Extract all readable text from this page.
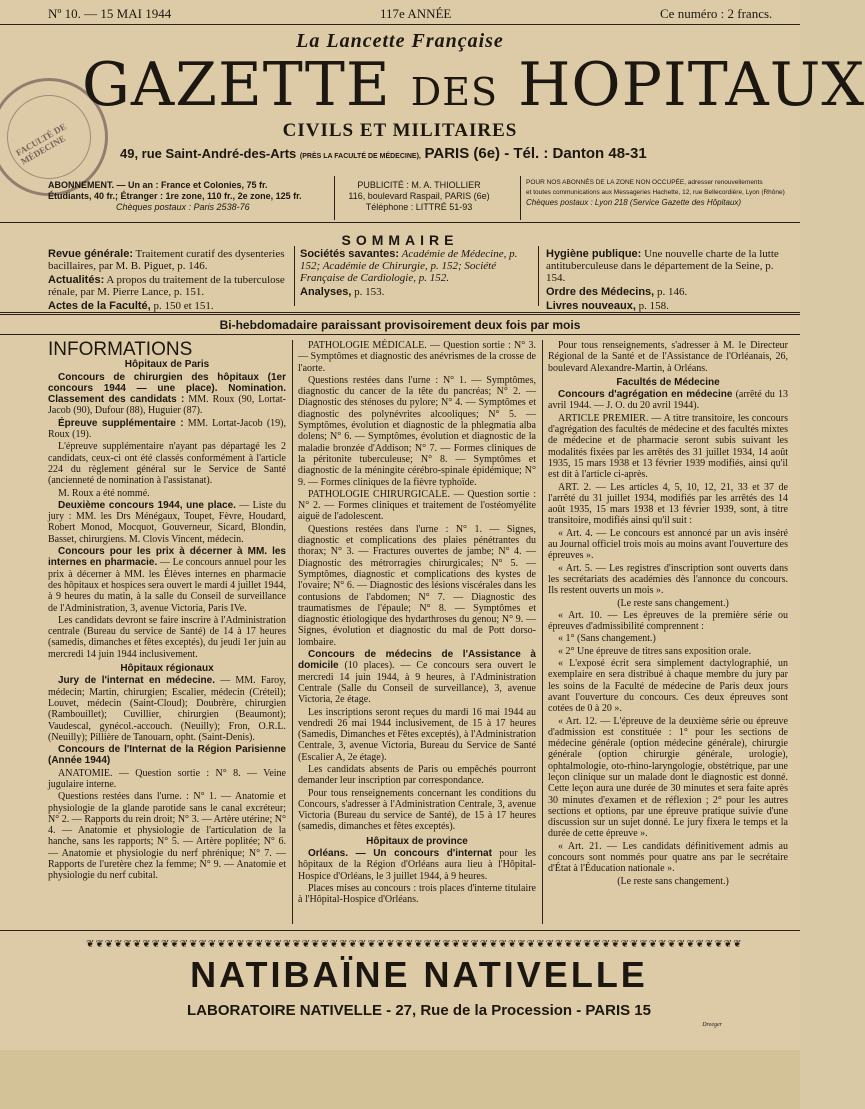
Nº 10. — 15 MAI 1944	117e ANNÉE	Ce numéro : 2 francs.
FACULTÉ DE MÉDECINE
La Lancette Française
GAZETTE DES HOPITAUX
CIVILS ET MILITAIRES
49, rue Saint-André-des-Arts (PRÈS LA FACULTÉ DE MÉDECINE), PARIS (6e) - Tél. : Danton 48-31
ABONNEMENT. — Un an : France et Colonies, 75 fr.
Étudiants, 40 fr.; Étranger : 1re zone, 110 fr., 2e zone, 125 fr.
Chèques postaux : Paris 2538-76
PUBLICITÉ : M. A. THIOLLIER
116, boulevard Raspail, PARIS (6e)
Téléphone : LITTRÉ 51-93
POUR NOS ABONNÉS DE LA ZONE NON OCCUPÉE, adresser renouvellements
et toutes communications aux Messageries Hachette, 12, rue Bellecordière, Lyon (Rhône)
Chèques postaux : Lyon 218 (Service Gazette des Hôpitaux)
SOMMAIRE
Revue générale: Traitement curatif des dysenteries bacillaires, par M. B. Piguet, p. 146.
Actualités: A propos du traitement de la tuberculose rénale, par M. Pierre Lance, p. 151.
Actes de la Faculté, p. 150 et 151.
Sociétés savantes: Académie de Médecine, p. 152; Académie de Chirurgie, p. 152; Société Française de Cardiologie, p. 152.
Analyses, p. 153.
Hygiène publique: Une nouvelle charte de la lutte antituberculeuse dans le département de la Seine, p. 154.
Ordre des Médecins, p. 146.
Livres nouveaux, p. 158.
Bi-hebdomadaire paraissant provisoirement deux fois par mois
INFORMATIONS
Hôpitaux de Paris

Concours de chirurgien des hôpitaux (1er concours 1944 — une place). Nomination. Classement des candidats : MM. Roux (90, Lortat-Jacob (90), Dufour (88), Huguier (87).

Épreuve supplémentaire : MM. Lortat-Jacob (19), Roux (19).

L'épreuve supplémentaire n'ayant pas départagé les 2 candidats, ceux-ci ont été classés conformément à l'article 224 du règlement général sur le Service de Santé (ancienneté de nomination à l'assistanat).

M. Roux a été nommé.

Deuxième concours 1944, une place. — Liste du jury : MM. les Drs Ménégaux, Toupet, Fèvre, Houdard, Robert Monod, Mocquot, Gouverneur, Sicard, Blondin, Basset, chirurgiens. M. Clovis Vincent, médecin.

Concours pour les prix à décerner à MM. les internes en pharmacie. — Le concours annuel pour les prix à décerner à MM. les Élèves internes en pharmacie des hôpitaux et hospices sera ouvert le mardi 4 juillet 1944, à 9 heures du matin, à la salle du Conseil de surveillance de l'Administration, 3, avenue Victoria, Paris IVe.

Les candidats devront se faire inscrire à l'Administration centrale (Bureau du service de Santé) de 14 à 17 heures (samedis, dimanches et fêtes exceptés), du jeudi 1er juin au mercredi 14 juin 1944 inclusivement.

Hôpitaux régionaux

Jury de l'internat en médecine. — MM. Faroy, médecin; Martin, chirurgien; Escalier, médecin (Créteil); Louvet, médecin (Saint-Cloud); Doubrère, chirurgien (Rambouillet); Cuvillier, chirurgien (Beaumont); Vaudescal, gynécol.-accouch. (Neuilly); Fron, O.R.L. (Neuilly); Pillière de Tanouarn, opht. (Saint-Denis).

Concours de l'Internat de la Région Parisienne (Année 1944)

ANATOMIE. — Question sortie : N° 8. — Veine jugulaire interne.

Questions restées dans l'urne. : N° 1. — Anatomie et physiologie de la glande parotide sans le canal excréteur; N° 2. — Rapports du rein droit; N° 3. — Artère utérine; N° 4. — Anatomie et physiologie de l'articulation de la hanche, sans les rapports; N° 5. — Artère poplitée; N° 6. — Anatomie et physiologie du nerf phrénique; N° 7. — Rapports de l'uretère chez la femme; N° 9. — Anatomie et physiologie du nerf cubital.

PATHOLOGIE MÉDICALE. — Question sortie : N° 3. — Symptômes et diagnostic des anévrismes de la crosse de l'aorte.

Questions restées dans l'urne : N° 1. — Symptômes, diagnostic du cancer de la tête du pancréas; N° 2. — Diagnostic des sténoses du pylore; N° 4. — Symptômes et diagnostic des polynévrites alcooliques; N° 5. — Symptômes, évolution et diagnostic de la phlegmatia alba dolens; N° 6. — Symptômes, évolution et diagnostic de la maladie bronzée d'Addison; N° 7. — Formes cliniques de la péritonite tuberculeuse; N° 8. — Symptômes et diagnostic de la méningite cérébro-spinale épidémique; N° 9. — Formes cliniques de la fièvre typhoïde.

PATHOLOGIE CHIRURGICALE. — Question sortie : N° 2. — Formes cliniques et traitement de l'ostéomyélite aiguë de l'adolescent.

Questions restées dans l'urne : N° 1. — Signes, diagnostic et complications des plaies pénétrantes du thorax; N° 3. — Fractures ouvertes de jambe; N° 4. — Diagnostic des métrorragies chirurgicales; N° 5. — Symptômes, diagnostic et complications des kystes de l'ovaire; N° 6. — Diagnostic des lésions viscérales dans les contusions de l'abdomen; N° 7. — Diagnostic des traumatismes de l'épaule; N° 8. — Symptômes et diagnostic étiologique des hydarthroses du genou; N° 9. — Signes, évolution et diagnostic du mal de Pott dorso-lombaire.

Concours de médecins de l'Assistance à domicile (10 places). — Ce concours sera ouvert le mercredi 14 juin 1944, à 9 heures, à l'Administration Centrale (Salle du Conseil de surveillance), 3, avenue Victoria, 2e étage.

Les inscriptions seront reçues du mardi 16 mai 1944 au vendredi 26 mai 1944 inclusivement, de 15 à 17 heures (Samedis, Dimanches et Fêtes exceptés), à l'Administration Centrale, 3, avenue Victoria, Bureau du Service de Santé (Escalier A, 2e étage).

Les candidats absents de Paris ou empêchés pourront demander leur inscription par correspondance.

Pour tous renseignements concernant les conditions du Concours, s'adresser à l'Administration Centrale, 3, avenue Victoria (Bureau du service de Santé), de 15 à 17 heures (samedis, dimanches et fêtes exceptés).

Hôpitaux de province

Orléans. — Un concours d'internat pour les hôpitaux de la Région d'Orléans aura lieu à l'Hôpital-Hospice d'Orléans, le 3 juillet 1944, à 9 heures.

Places mises au concours : trois places d'interne titulaire à l'Hôpital-Hospice d'Orléans.

Pour tous renseignements, s'adresser à M. le Directeur Régional de la Santé et de l'Assistance de l'Orléanais, 26, boulevard Alexandre-Martin, à Orléans.

Facultés de Médecine

Concours d'agrégation en médecine (arrêté du 13 avril 1944. — J. O. du 20 avril 1944).

ARTICLE PREMIER. — A titre transitoire, les concours d'agrégation des facultés de médecine et des facultés mixtes de médecine et de pharmacie seront subis suivant les modalités fixées par les arrêtés des 31 juillet 1934, 14 août 1935, 15 mars 1938 et 13 février 1939 modifiés, ainsi qu'il est dit à l'article ci-après.

ART. 2. — Les articles 4, 5, 10, 12, 21, 33 et 37 de l'arrêté du 31 juillet 1934, modifiés par les arrêtés des 14 août 1935, 15 mars 1938 et 13 février 1939, sont, à titre transitoire, modifiés ainsi qu'il suit :

« Art. 4. — Le concours est annoncé par un avis inséré au Journal officiel trois mois au moins avant l'ouverture des épreuves ».

« Art. 5. — Les registres d'inscription sont ouverts dans les secrétariats des académies dès l'annonce du concours. Ils restent ouverts un mois ».

(Le reste sans changement.)

« Art. 10. — Les épreuves de la première série ou épreuves d'admissibilité comprennent :

« 1° (Sans changement.)

« 2° Une épreuve de titres sans exposition orale.

« L'exposé écrit sera simplement dactylographié, un exemplaire en sera distribué à chaque membre du jury par les soins de la Faculté de médecine de Paris deux jours avant l'ouverture du concours. Ces deux épreuves sont cotées de 0 à 20 ».

« Art. 12. — L'épreuve de la deuxième série ou épreuve d'admission est constituée : 1° pour les sections de médecine générale (option médecine générale), chirurgie générale (option chirurgie générale, urologie), ophtalmologie, oto-rhino-laryngologie, obstétrique, par une leçon clinique sur un malade dont le diagnostic est donné. Cette leçon aura une durée de 30 minutes et sera faite après 30 minutes d'examen et de réflexion ; 2° pour les autres sections et options, par une épreuve pratique suivie d'une discussion sur un sujet donné. Le jury fixera le temps et la durée de cette épreuve ».

« Art. 21. — Les candidats définitivement admis au concours sont nommés pour quatre ans par le secrétaire d'État à l'Éducation nationale ».

(Le reste sans changement.)

❦❦❦❦❦❦❦❦❦❦❦❦❦❦❦❦❦❦❦❦❦❦❦❦❦❦❦❦❦❦❦❦❦❦❦❦❦❦❦❦❦❦❦❦❦❦❦❦❦❦❦❦❦❦❦❦❦❦❦❦❦❦❦❦❦❦❦❦❦❦
NATIBAÏNE NATIVELLE
LABORATOIRE NATIVELLE - 27, Rue de la Procession - PARIS 15
Dreeger
